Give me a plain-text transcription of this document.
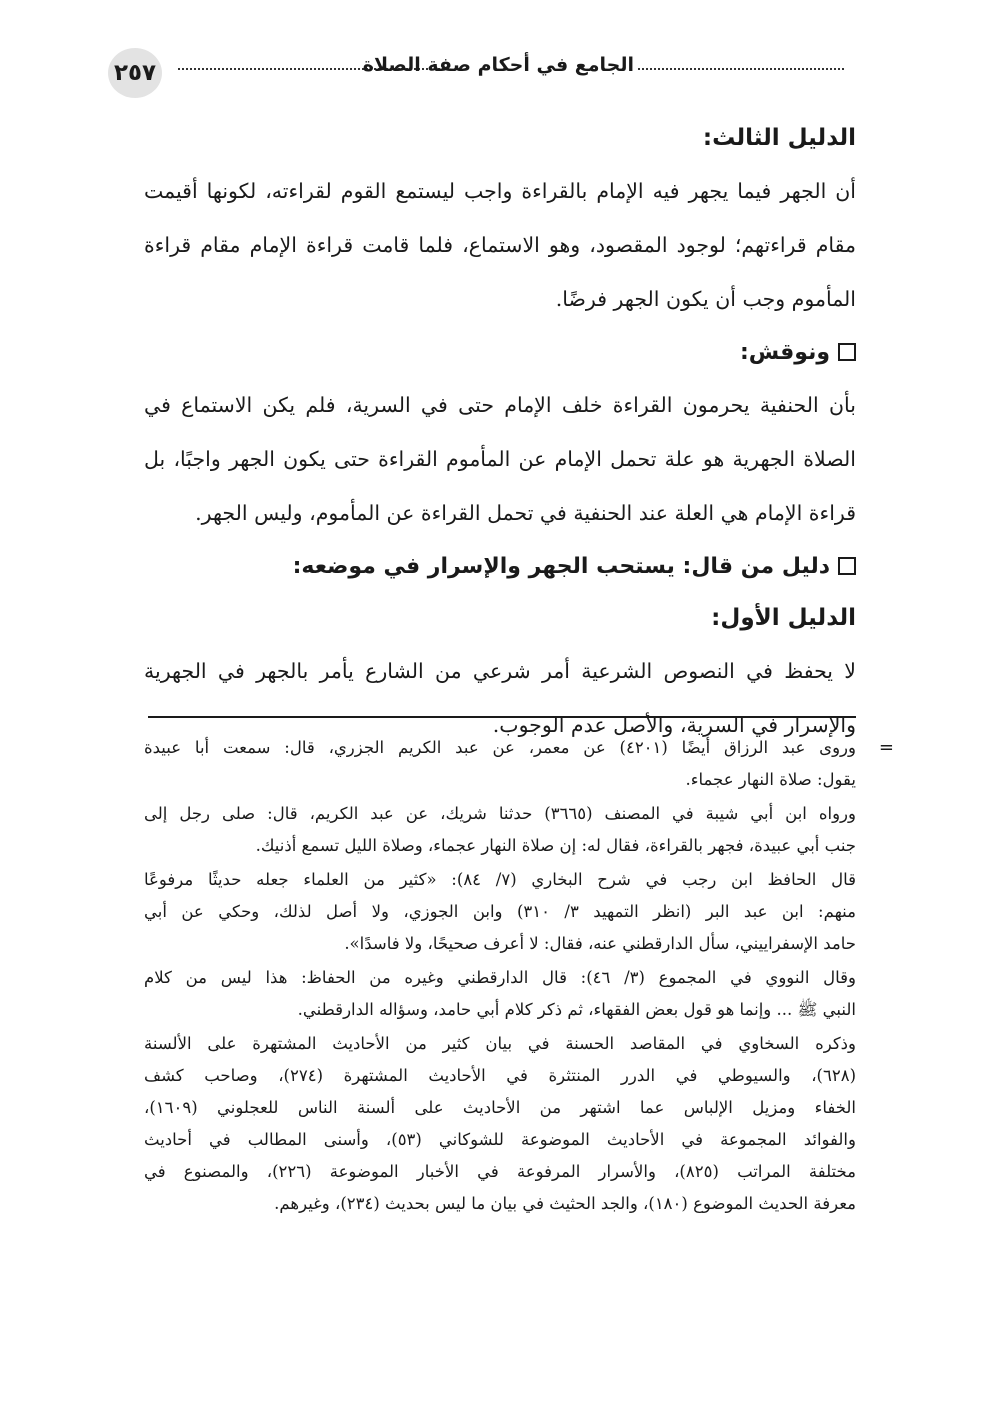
٢٥٧	الجامع في أحكام صفة الصلاة
الدليل الثالث:

أن الجهر فيما يجهر فيه الإمام بالقراءة واجب ليستمع القوم لقراءته، لكونها أقيمت مقام قراءتهم؛ لوجود المقصود، وهو الاستماع، فلما قامت قراءة الإمام مقام قراءة المأموم وجب أن يكون الجهر فرضًا.

ونوقش:

بأن الحنفية يحرمون القراءة خلف الإمام حتى في السرية، فلم يكن الاستماع في الصلاة الجهرية هو علة تحمل الإمام عن المأموم القراءة حتى يكون الجهر واجبًا، بل قراءة الإمام هي العلة عند الحنفية في تحمل القراءة عن المأموم، وليس الجهر.

دليل من قال: يستحب الجهر والإسرار في موضعه:
الدليل الأول:

لا يحفظ في النصوص الشرعية أمر شرعي من الشارع يأمر بالجهر في الجهرية والإسرار في السرية، والأصل عدم الوجوب.

=
وروى عبد الرزاق أيضًا (٤٢٠١) عن معمر، عن عبد الكريم الجزري، قال: سمعت أبا عبيدة
يقول: صلاة النهار عجماء.
ورواه ابن أبي شيبة في المصنف (٣٦٦٥) حدثنا شريك، عن عبد الكريم، قال: صلى رجل إلى
جنب أبي عبيدة، فجهر بالقراءة، فقال له: إن صلاة النهار عجماء، وصلاة الليل تسمع أذنيك.
قال الحافظ ابن رجب في شرح البخاري (٧/ ٨٤): «كثير من العلماء جعله حديثًا مرفوعًا
منهم: ابن عبد البر (انظر التمهيد ٣/ ٣١٠) وابن الجوزي، ولا أصل لذلك، وحكي عن أبي
حامد الإسفراييني، سأل الدارقطني عنه، فقال: لا أعرف صحيحًا، ولا فاسدًا».
وقال النووي في المجموع (٣/ ٤٦): قال الدارقطني وغيره من الحفاظ: هذا ليس من كلام
النبي ﷺ ... وإنما هو قول بعض الفقهاء، ثم ذكر كلام أبي حامد، وسؤاله الدارقطني.
وذكره السخاوي في المقاصد الحسنة في بيان كثير من الأحاديث المشتهرة على الألسنة
(٦٢٨)، والسيوطي في الدرر المنتثرة في الأحاديث المشتهرة (٢٧٤)، وصاحب كشف
الخفاء ومزيل الإلباس عما اشتهر من الأحاديث على ألسنة الناس للعجلوني (١٦٠٩)،
والفوائد المجموعة في الأحاديث الموضوعة للشوكاني (٥٣)، وأسنى المطالب في أحاديث
مختلفة المراتب (٨٢٥)، والأسرار المرفوعة في الأخبار الموضوعة (٢٢٦)، والمصنوع في
معرفة الحديث الموضوع (١٨٠)، والجد الحثيث في بيان ما ليس بحديث (٢٣٤)، وغيرهم.
